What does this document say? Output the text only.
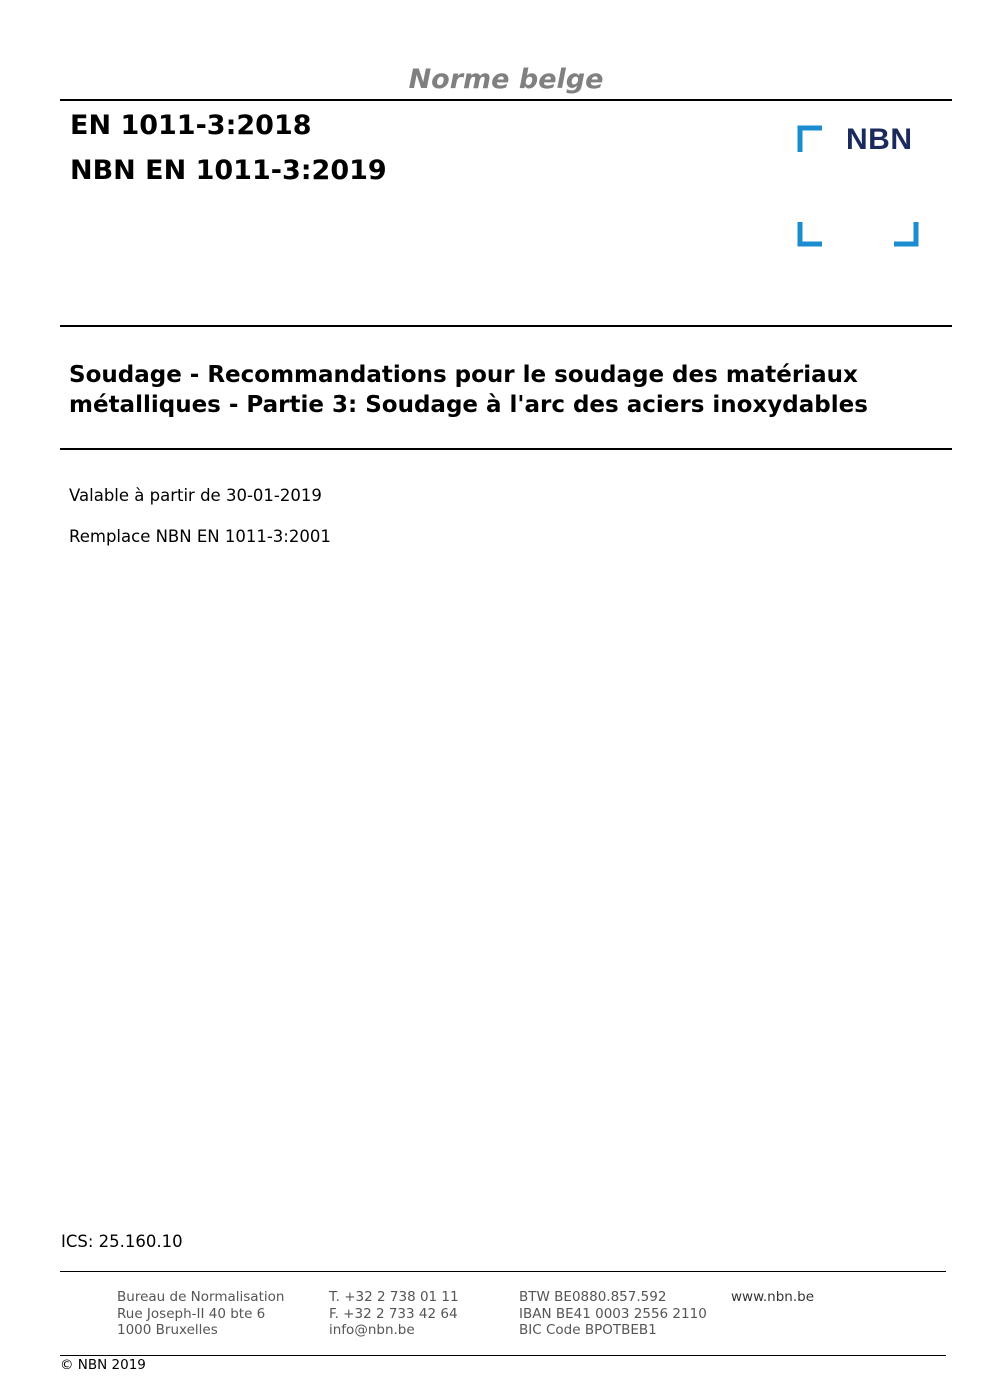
Norme belge
EN 1011-3:2018
NBN EN 1011-3:2019
NBN
Soudage - Recommandations pour le soudage des matériaux
métalliques - Partie 3: Soudage à l'arc des aciers inoxydables
Valable à partir de 30-01-2019
Remplace NBN EN 1011-3:2001
ICS: 25.160.10
Bureau de Normalisation
Rue Joseph-II 40 bte 6
1000 Bruxelles
T. +32 2 738 01 11
F. +32 2 733 42 64
info@nbn.be
BTW BE0880.857.592
IBAN BE41 0003 2556 2110
BIC Code BPOTBEB1
www.nbn.be
© NBN 2019
